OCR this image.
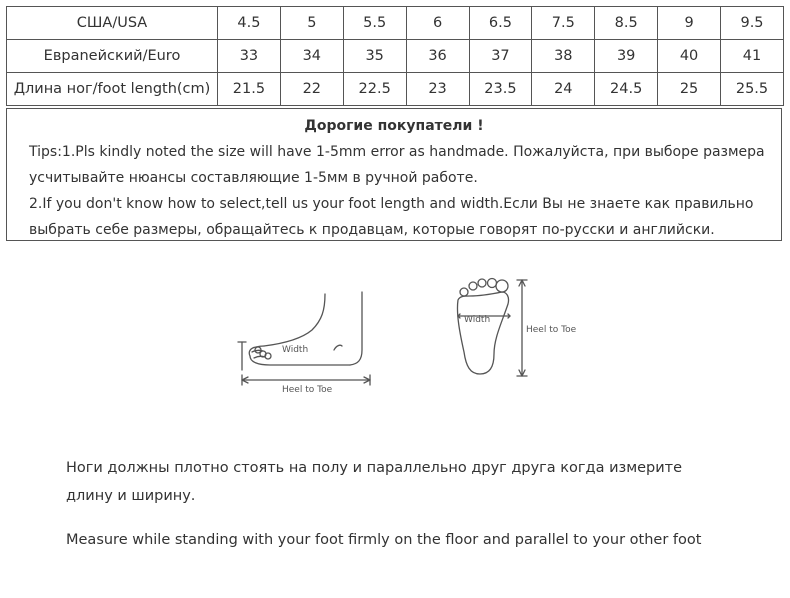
США/USA	4.5	5	5.5	6	6.5	7.5	8.5	9	9.5
Евраnейский/Euro	33	34	35	36	37	38	39	40	41
Длина ног/foot length(cm)	21.5	22	22.5	23	23.5	24	24.5	25	25.5
Дорогие покупатели !
Tips:1.Pls kindly noted the size will have 1-5mm error as handmade. Пожалуйста, при выборе размера
усчитывайте нюансы составляющие 1-5мм в ручной работе.
2.If you don't know how to select,tell us your foot length and width.Если Вы не знаете как правильно
выбрать себе размеры, обращайтесь к продавцам, которые говорят по-русски и английски.
Width
Heel to Toe
Width
Heel to Toe
Ноги должны плотно стоять на полу и параллельно друг друга когда измерите
длину и ширину.
Measure while standing with your foot firmly on the floor and parallel to your other foot
